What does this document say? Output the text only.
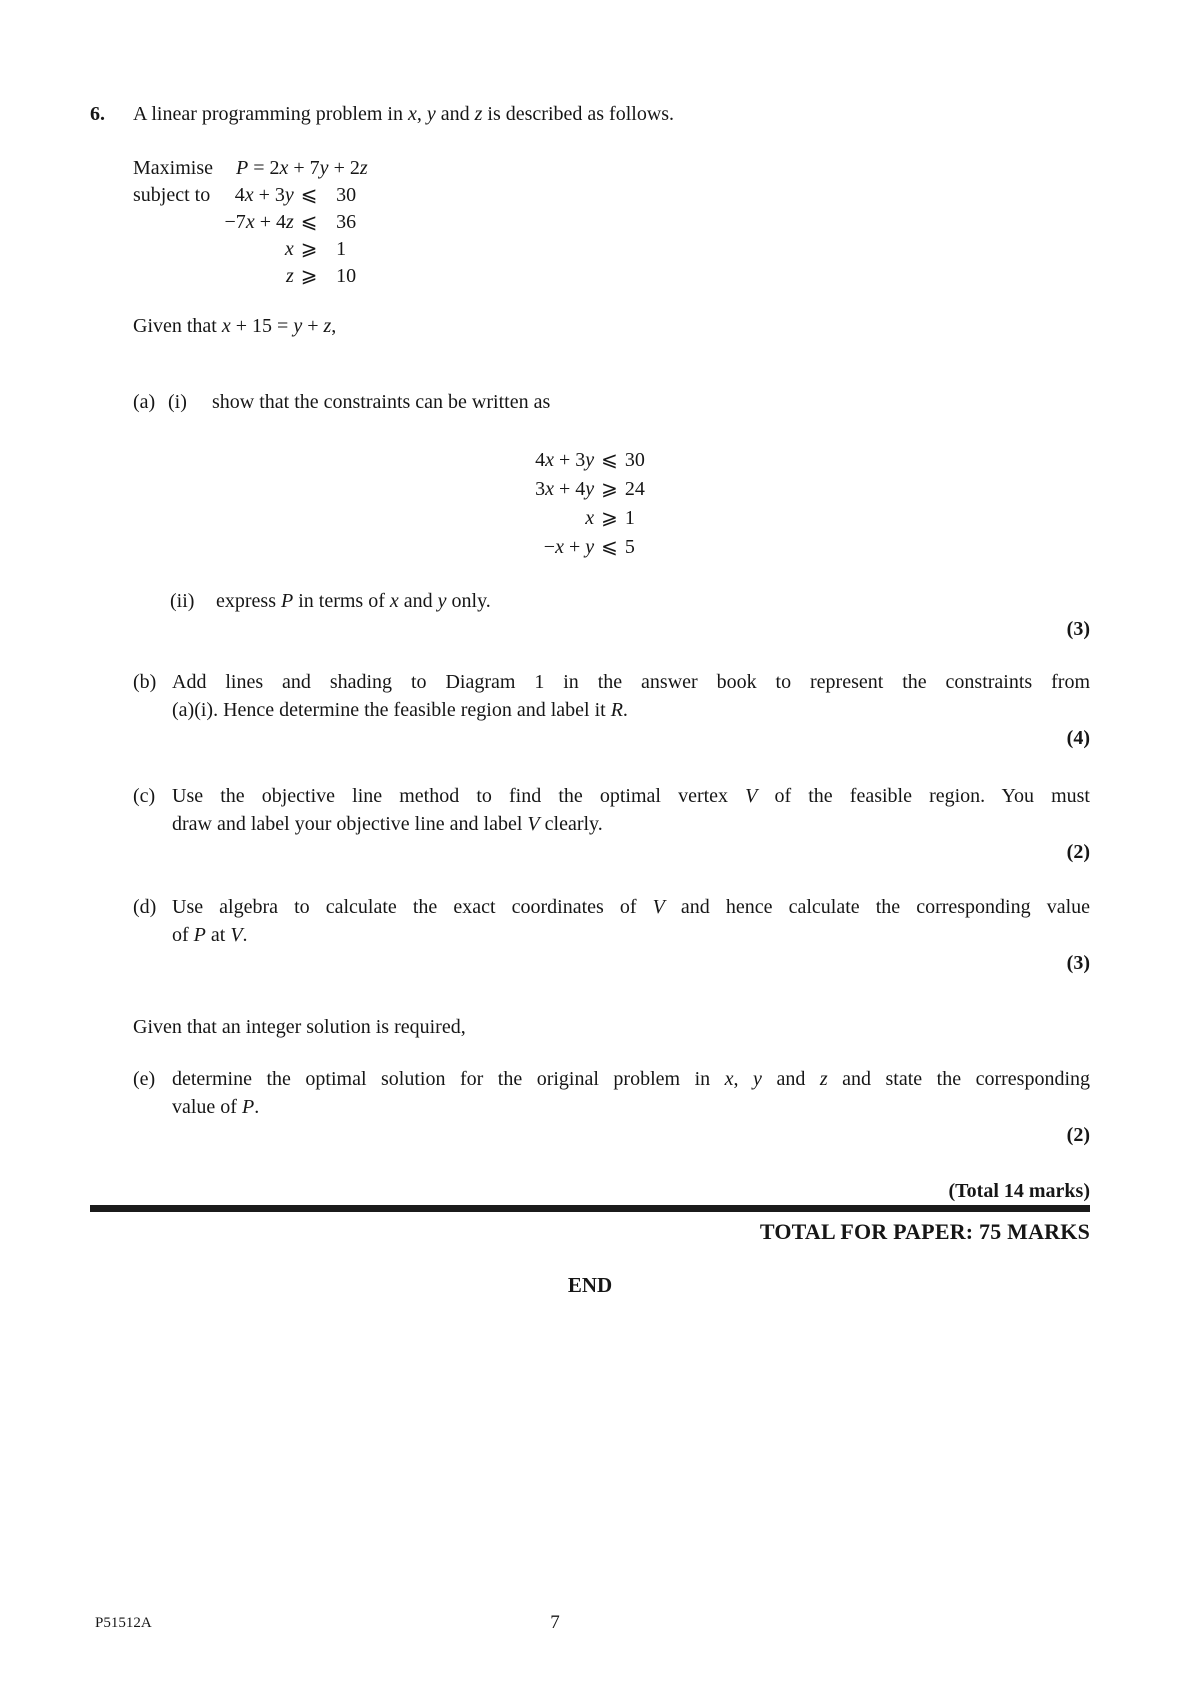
6.	A linear programming problem in x, y and z is described as follows.
Maximise	P = 2x + 7y + 2z
subject to	4x + 3y ⩽ 30
−7x + 4z ⩽ 36
x ⩾ 1
z ⩾ 10
Given that x + 15 = y + z,
(a) (i)	show that the constraints can be written as
4x + 3y ⩽ 30
3x + 4y ⩾ 24
x ⩾ 1
−x + y ⩽ 5
(ii)	express P in terms of x and y only.
(3)
(b) Add lines and shading to Diagram 1 in the answer book to represent the constraints from
(a)(i). Hence determine the feasible region and label it R.
(4)
(c) Use the objective line method to find the optimal vertex V of the feasible region. You must
draw and label your objective line and label V clearly.
(2)
(d) Use algebra to calculate the exact coordinates of V and hence calculate the corresponding value
of P at V.
(3)
Given that an integer solution is required,
(e) determine the optimal solution for the original problem in x, y and z and state the corresponding
value of P.
(2)
(Total 14 marks)
TOTAL FOR PAPER: 75 MARKS
END
P51512A	7
